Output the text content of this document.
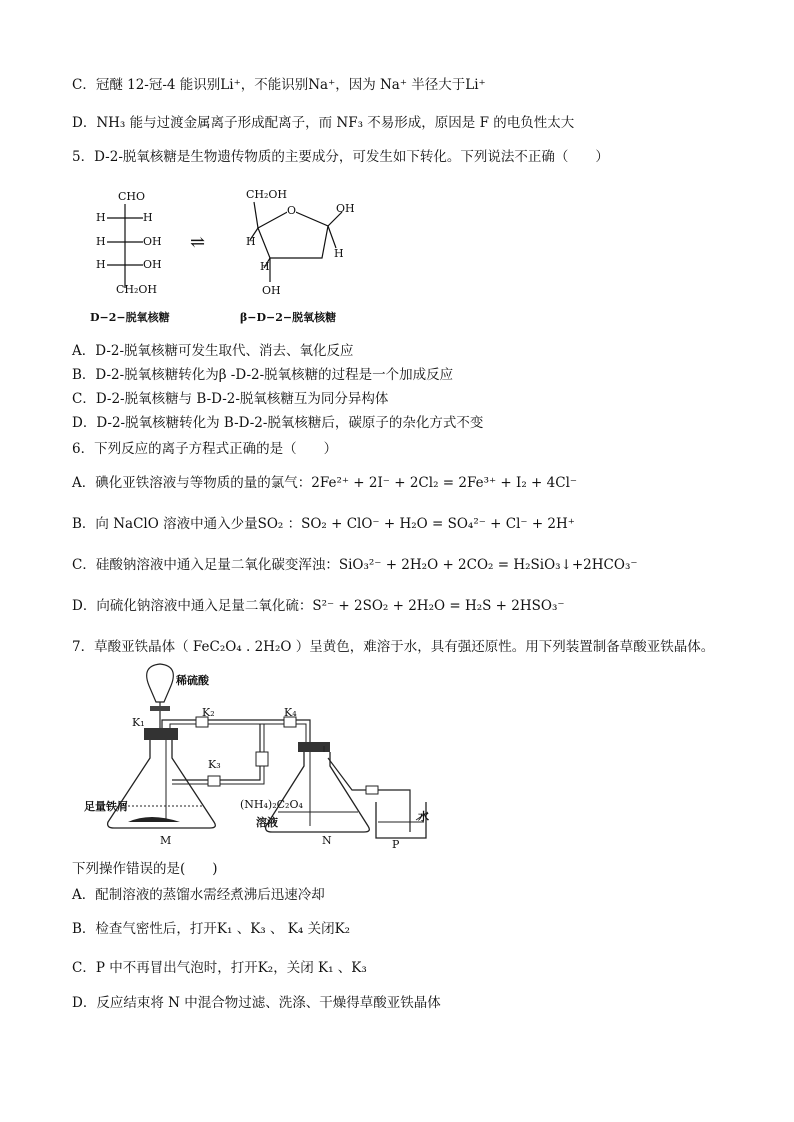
C．冠醚 12-冠-4 能识别Li⁺，不能识别Na⁺，因为 Na⁺ 半径大于Li⁺
D．NH₃ 能与过渡金属离子形成配离子，而 NF₃ 不易形成，原因是 F 的电负性太大
5．D-2-脱氧核糖是生物遗传物质的主要成分，可发生如下转化。下列说法不正确（　　）
CHO
H	H
H	OH
H	OH
CH₂OH
D−2−脱氧核糖
⇌
CH₂OH
O	OH
H
H
H
OH
β−D−2−脱氧核糖
A．D-2-脱氧核糖可发生取代、消去、氧化反应
B．D-2-脱氧核糖转化为β -D-2-脱氧核糖的过程是一个加成反应
C．D-2-脱氧核糖与 B-D-2-脱氧核糖互为同分异构体
D．D-2-脱氧核糖转化为 B-D-2-脱氧核糖后，碳原子的杂化方式不变
6．下列反应的离子方程式正确的是（　　）
A．碘化亚铁溶液与等物质的量的氯气：2Fe²⁺ + 2I⁻ + 2Cl₂ = 2Fe³⁺ + I₂ + 4Cl⁻
B．向 NaClO 溶液中通入少量SO₂ ：SO₂ + ClO⁻ + H₂O = SO₄²⁻ + Cl⁻ + 2H⁺
C．硅酸钠溶液中通入足量二氧化碳变浑浊：SiO₃²⁻ + 2H₂O + 2CO₂ = H₂SiO₃↓+2HCO₃⁻
D．向硫化钠溶液中通入足量二氧化硫：S²⁻ + 2SO₂ + 2H₂O = H₂S + 2HSO₃⁻
7．草酸亚铁晶体（ FeC₂O₄ . 2H₂O ）呈黄色，难溶于水，具有强还原性。用下列装置制备草酸亚铁晶体。
稀硫酸
K₁
K₂	K₄
K₃
足量铁屑	(NH₄)₂C₂O₄
溶液	水
M	N	P
下列操作错误的是(　　)
A．配制溶液的蒸馏水需经煮沸后迅速冷却
B．检查气密性后，打开K₁ 、K₃ 、 K₄ 关闭K₂
C．P 中不再冒出气泡时，打开K₂，关闭 K₁ 、K₃
D．反应结束将 N 中混合物过滤、洗涤、干燥得草酸亚铁晶体
